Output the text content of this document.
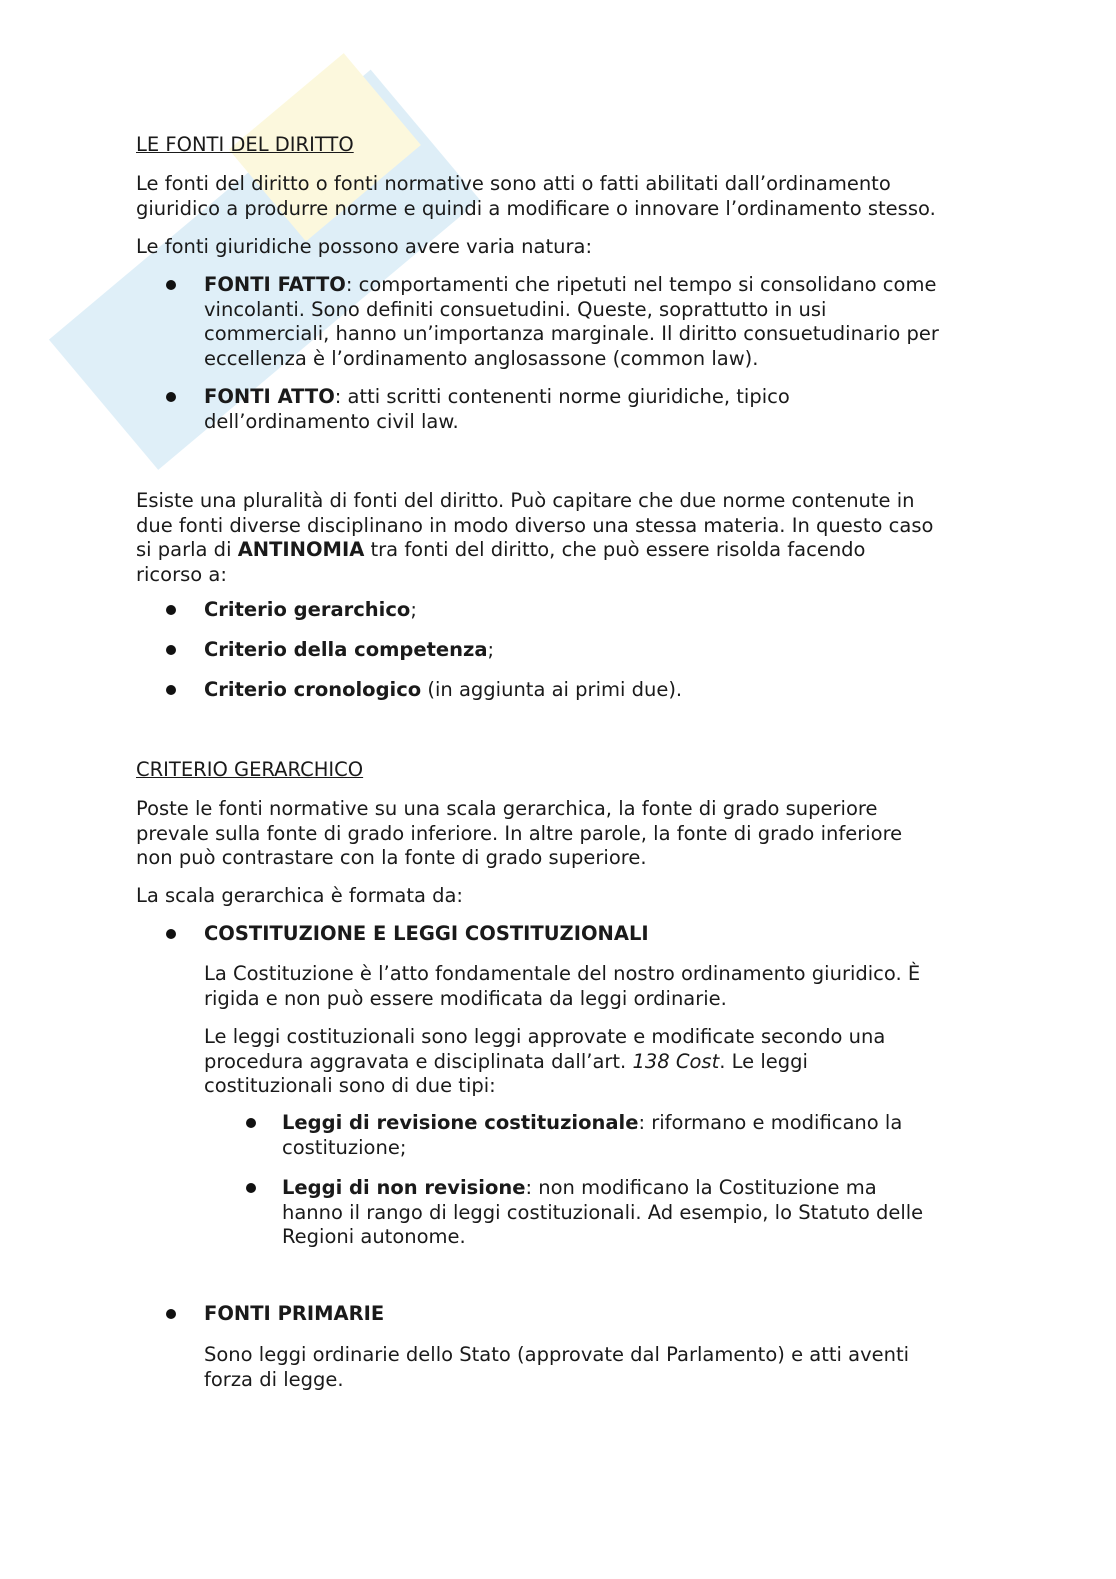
LE FONTI DEL DIRITTO
Le fonti del diritto o fonti normative sono atti o fatti abilitati dall’ordinamento
giuridico a produrre norme e quindi a modificare o innovare l’ordinamento stesso.
Le fonti giuridiche possono avere varia natura:
FONTI FATTO: comportamenti che ripetuti nel tempo si consolidano come
vincolanti. Sono definiti consuetudini. Queste, soprattutto in usi
commerciali, hanno un’importanza marginale. Il diritto consuetudinario per
eccellenza è l’ordinamento anglosassone (common law).
FONTI ATTO: atti scritti contenenti norme giuridiche, tipico
dell’ordinamento civil law.
Esiste una pluralità di fonti del diritto. Può capitare che due norme contenute in
due fonti diverse disciplinano in modo diverso una stessa materia. In questo caso
si parla di ANTINOMIA tra fonti del diritto, che può essere risolda facendo
ricorso a:
Criterio gerarchico;
Criterio della competenza;
Criterio cronologico (in aggiunta ai primi due).
CRITERIO GERARCHICO
Poste le fonti normative su una scala gerarchica, la fonte di grado superiore
prevale sulla fonte di grado inferiore. In altre parole, la fonte di grado inferiore
non può contrastare con la fonte di grado superiore.
La scala gerarchica è formata da:
COSTITUZIONE E LEGGI COSTITUZIONALI
La Costituzione è l’atto fondamentale del nostro ordinamento giuridico. È
rigida e non può essere modificata da leggi ordinarie.
Le leggi costituzionali sono leggi approvate e modificate secondo una
procedura aggravata e disciplinata dall’art. 138 Cost. Le leggi
costituzionali sono di due tipi:
Leggi di revisione costituzionale: riformano e modificano la
costituzione;
Leggi di non revisione: non modificano la Costituzione ma
hanno il rango di leggi costituzionali. Ad esempio, lo Statuto delle
Regioni autonome.
FONTI PRIMARIE
Sono leggi ordinarie dello Stato (approvate dal Parlamento) e atti aventi
forza di legge.
